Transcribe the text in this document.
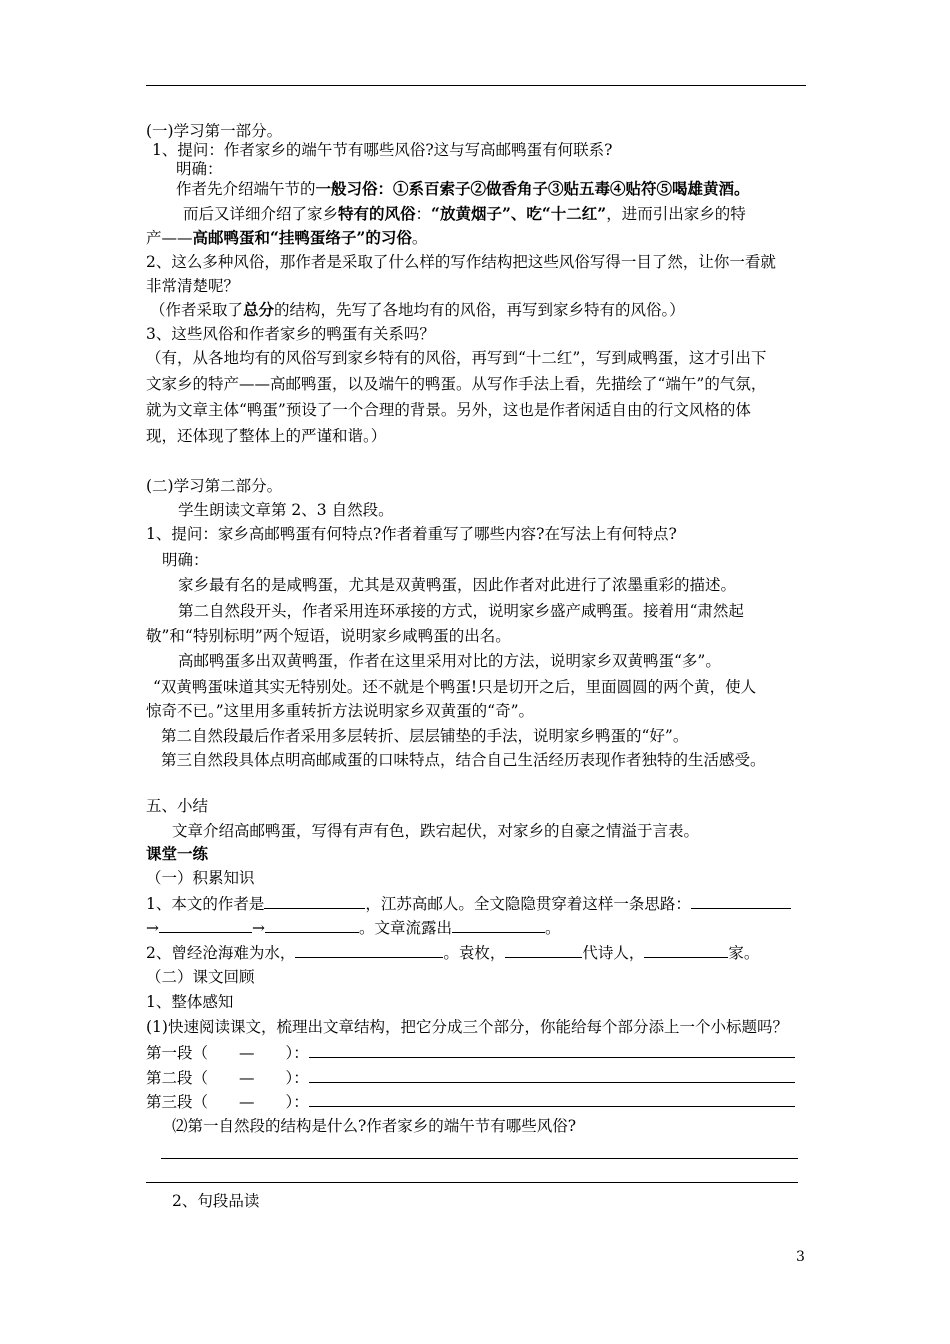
(一)学习第一部分。
1、提问：作者家乡的端午节有哪些风俗?这与写高邮鸭蛋有何联系?
明确：
作者先介绍端午节的一般习俗：①系百索子②做香角子③贴五毒④贴符⑤喝雄黄酒。
而后又详细介绍了家乡特有的风俗：“放黄烟子”、吃“十二红”，进而引出家乡的特
产——高邮鸭蛋和“挂鸭蛋络子”的习俗。
2、这么多种风俗，那作者是采取了什么样的写作结构把这些风俗写得一目了然，让你一看就
非常清楚呢？
（作者采取了总分的结构，先写了各地均有的风俗，再写到家乡特有的风俗。）
3、这些风俗和作者家乡的鸭蛋有关系吗？
（有，从各地均有的风俗写到家乡特有的风俗，再写到“十二红”，写到咸鸭蛋，这才引出下
文家乡的特产——高邮鸭蛋，以及端午的鸭蛋。从写作手法上看，先描绘了“端午”的气氛，
就为文章主体“鸭蛋”预设了一个合理的背景。另外，这也是作者闲适自由的行文风格的体
现，还体现了整体上的严谨和谐。）
(二)学习第二部分。
学生朗读文章第 2、3 自然段。
1、提问：家乡高邮鸭蛋有何特点?作者着重写了哪些内容?在写法上有何特点?
明确：
家乡最有名的是咸鸭蛋，尤其是双黄鸭蛋，因此作者对此进行了浓墨重彩的描述。
第二自然段开头，作者采用连环承接的方式，说明家乡盛产咸鸭蛋。接着用“肃然起
敬”和“特别标明”两个短语，说明家乡咸鸭蛋的出名。
高邮鸭蛋多出双黄鸭蛋，作者在这里采用对比的方法，说明家乡双黄鸭蛋“多”。
“双黄鸭蛋味道其实无特别处。还不就是个鸭蛋!只是切开之后，里面圆圆的两个黄，使人
惊奇不已。”这里用多重转折方法说明家乡双黄蛋的“奇”。
第二自然段最后作者采用多层转折、层层铺垫的手法，说明家乡鸭蛋的“好”。
第三自然段具体点明高邮咸蛋的口味特点，结合自己生活经历表现作者独特的生活感受。
五、小结
文章介绍高邮鸭蛋，写得有声有色，跌宕起伏，对家乡的自豪之情溢于言表。
课堂一练
（一）积累知识
1、本文的作者是	，江苏高邮人。全文隐隐贯穿着这样一条思路：
→	→	。文章流露出	。
2、曾经沧海难为水，	。袁枚，	代诗人，	家。
（二）课文回顾
1、整体感知
(1)快速阅读课文，梳理出文章结构，把它分成三个部分，你能给每个部分添上一个小标题吗？
第一段（　　—　　）：
第二段（　　—　　）：
第三段（　　—　　）：
⑵第一自然段的结构是什么?作者家乡的端午节有哪些风俗?
2、句段品读
3
